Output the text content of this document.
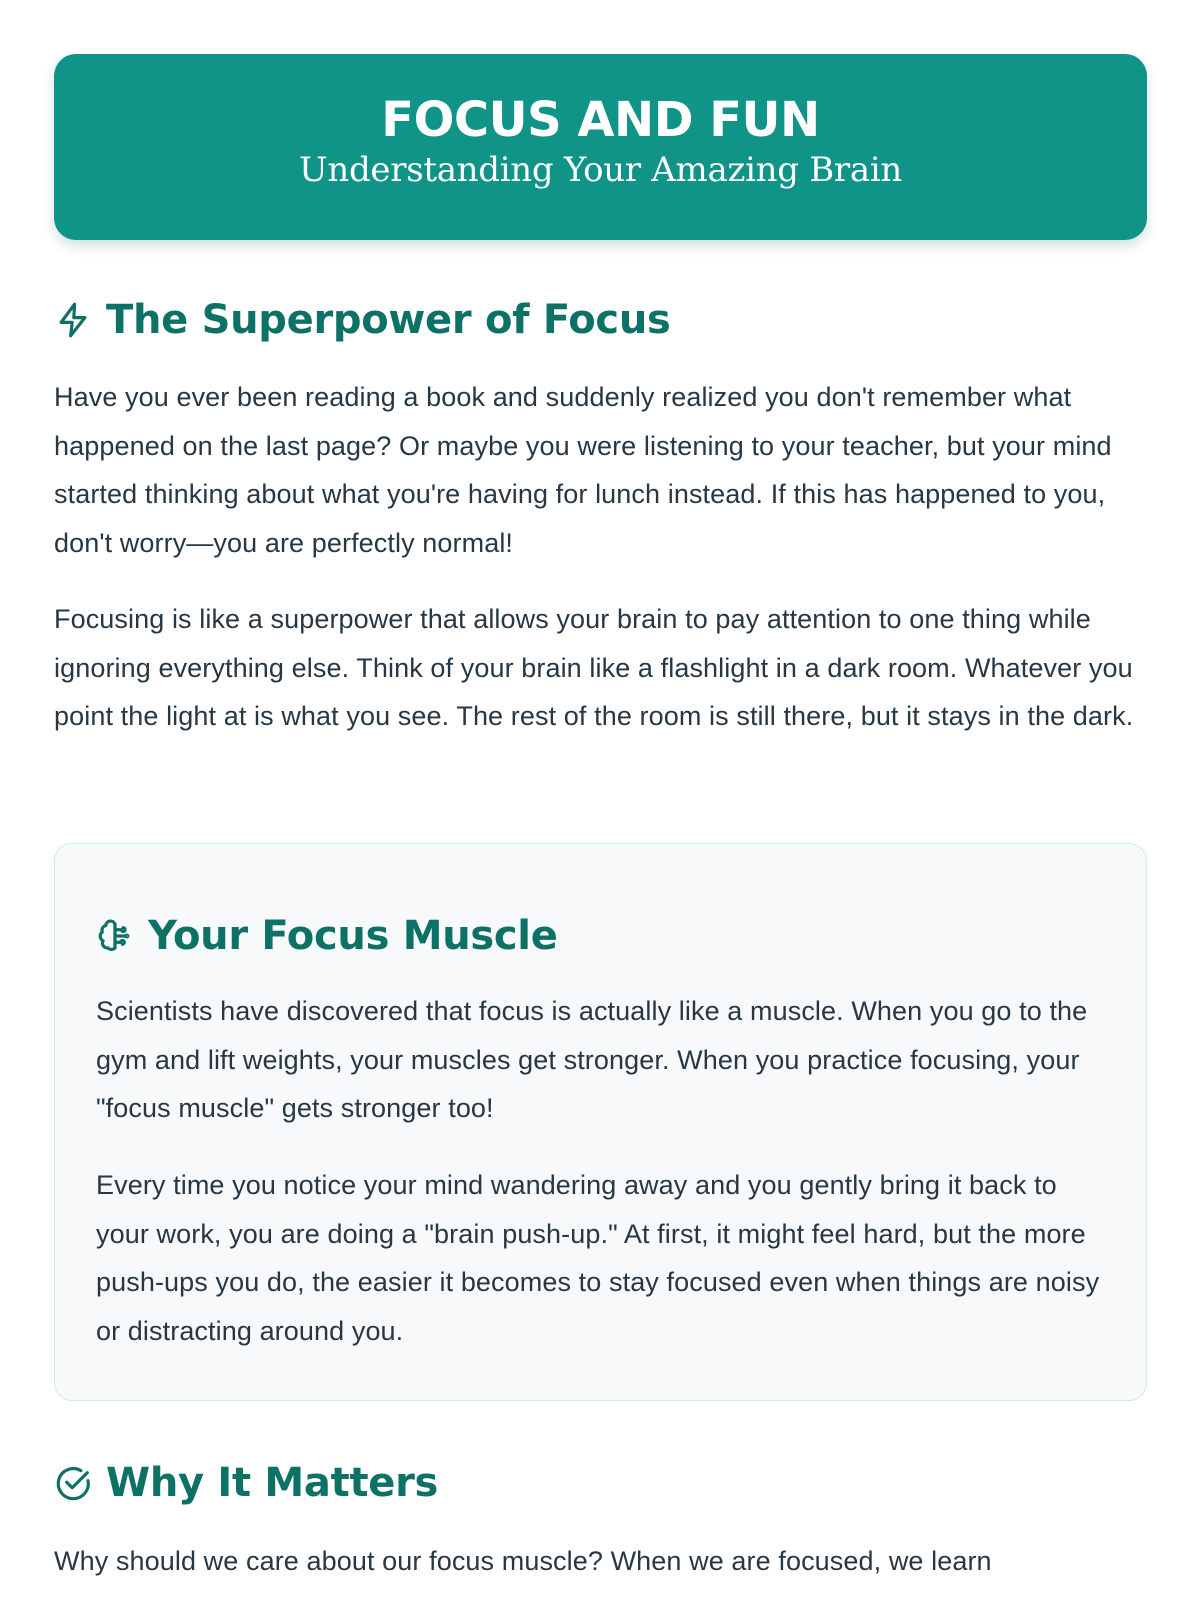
FOCUS AND FUN
Understanding Your Amazing Brain
The Superpower of Focus

Have you ever been reading a book and suddenly realized you don't remember what happened on the last page? Or maybe you were listening to your teacher, but your mind started thinking about what you're having for lunch instead. If this has happened to you, don't worry—you are perfectly normal!

Focusing is like a superpower that allows your brain to pay attention to one thing while ignoring everything else. Think of your brain like a flashlight in a dark room. Whatever you point the light at is what you see. The rest of the room is still there, but it stays in the dark.

Your Focus Muscle

Scientists have discovered that focus is actually like a muscle. When you go to the gym and lift weights, your muscles get stronger. When you practice focusing, your "focus muscle" gets stronger too!

Every time you notice your mind wandering away and you gently bring it back to your work, you are doing a "brain push-up." At first, it might feel hard, but the more push-ups you do, the easier it becomes to stay focused even when things are noisy or distracting around you.

Why It Matters

Why should we care about our focus muscle? When we are focused, we learn
